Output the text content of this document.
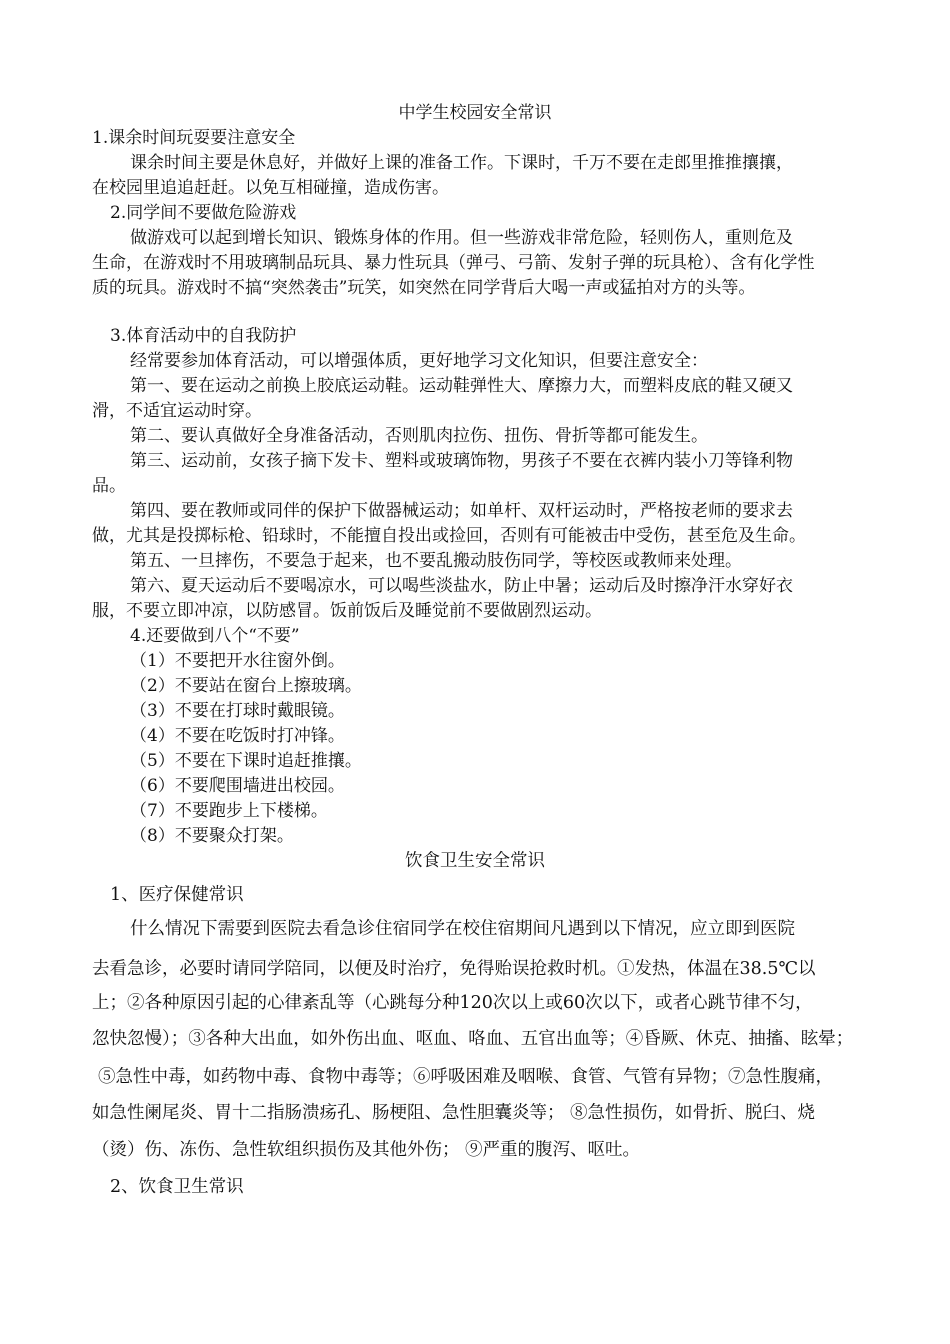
中学生校园安全常识
1.课余时间玩耍要注意安全
课余时间主要是休息好，并做好上课的准备工作。下课时，千万不要在走郎里推推攘攘，
在校园里追追赶赶。以免互相碰撞，造成伤害。
2.同学间不要做危险游戏
做游戏可以起到增长知识、锻炼身体的作用。但一些游戏非常危险，轻则伤人，重则危及
生命，在游戏时不用玻璃制品玩具、暴力性玩具（弹弓、弓箭、发射子弹的玩具枪）、含有化学性
质的玩具。游戏时不搞“突然袭击”玩笑，如突然在同学背后大喝一声或猛拍对方的头等。
3.体育活动中的自我防护
经常要参加体育活动，可以增强体质，更好地学习文化知识，但要注意安全：
第一、要在运动之前换上胶底运动鞋。运动鞋弹性大、摩擦力大，而塑料皮底的鞋又硬又
滑，不适宜运动时穿。
第二、要认真做好全身准备活动，否则肌肉拉伤、扭伤、骨折等都可能发生。
第三、运动前，女孩子摘下发卡、塑料或玻璃饰物，男孩子不要在衣裤内装小刀等锋利物
品。
第四、要在教师或同伴的保护下做器械运动；如单杆、双杆运动时，严格按老师的要求去
做，尤其是投掷标枪、铅球时，不能擅自投出或捡回，否则有可能被击中受伤，甚至危及生命。
第五、一旦摔伤，不要急于起来，也不要乱搬动肢伤同学，等校医或教师来处理。
第六、夏天运动后不要喝凉水，可以喝些淡盐水，防止中暑；运动后及时擦净汗水穿好衣
服，不要立即冲凉，以防感冒。饭前饭后及睡觉前不要做剧烈运动。
4.还要做到八个“不要”
（1）不要把开水往窗外倒。
（2）不要站在窗台上擦玻璃。
（3）不要在打球时戴眼镜。
（4）不要在吃饭时打冲锋。
（5）不要在下课时追赶推攘。
（6）不要爬围墙进出校园。
（7）不要跑步上下楼梯。
（8）不要聚众打架。
饮食卫生安全常识
1、医疗保健常识
什么情况下需要到医院去看急诊住宿同学在校住宿期间凡遇到以下情况，应立即到医院
去看急诊，必要时请同学陪同，以便及时治疗，免得贻误抢救时机。①发热，体温在38.5℃以
上；②各种原因引起的心律紊乱等（心跳每分种120次以上或60次以下，或者心跳节律不匀，
忽快忽慢）；③各种大出血，如外伤出血、呕血、咯血、五官出血等；④昏厥、休克、抽搐、眩晕；
⑤急性中毒，如药物中毒、食物中毒等；⑥呼吸困难及咽喉、食管、气管有异物；⑦急性腹痛，
如急性阑尾炎、胃十二指肠溃疡孔、肠梗阻、急性胆囊炎等； ⑧急性损伤，如骨折、脱臼、烧
（烫）伤、冻伤、急性软组织损伤及其他外伤； ⑨严重的腹泻、呕吐。
2、饮食卫生常识
